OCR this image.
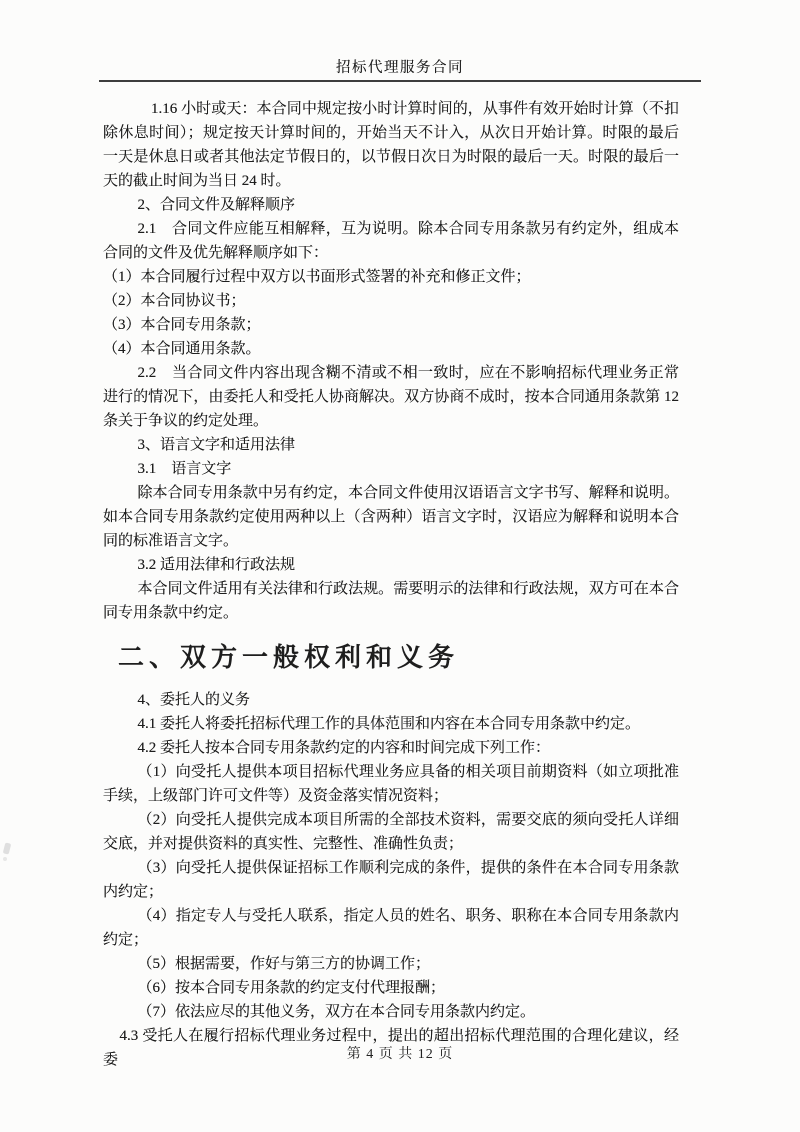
招标代理服务合同

1.16 小时或天：本合同中规定按小时计算时间的，从事件有效开始时计算（不扣除休息时间）；规定按天计算时间的，开始当天不计入，从次日开始计算。时限的最后一天是休息日或者其他法定节假日的，以节假日次日为时限的最后一天。时限的最后一天的截止时间为当日 24 时。

2、合同文件及解释顺序

2.1　合同文件应能互相解释，互为说明。除本合同专用条款另有约定外，组成本合同的文件及优先解释顺序如下：

（1）本合同履行过程中双方以书面形式签署的补充和修正文件；

（2）本合同协议书；

（3）本合同专用条款；

（4）本合同通用条款。

2.2　当合同文件内容出现含糊不清或不相一致时，应在不影响招标代理业务正常进行的情况下，由委托人和受托人协商解决。双方协商不成时，按本合同通用条款第 12 条关于争议的约定处理。

3、语言文字和适用法律

3.1　语言文字

除本合同专用条款中另有约定，本合同文件使用汉语语言文字书写、解释和说明。如本合同专用条款约定使用两种以上（含两种）语言文字时，汉语应为解释和说明本合同的标准语言文字。

3.2 适用法律和行政法规

本合同文件适用有关法律和行政法规。需要明示的法律和行政法规，双方可在本合同专用条款中约定。

二、双方一般权利和义务

4、委托人的义务

4.1 委托人将委托招标代理工作的具体范围和内容在本合同专用条款中约定。

4.2 委托人按本合同专用条款约定的内容和时间完成下列工作：

（1）向受托人提供本项目招标代理业务应具备的相关项目前期资料（如立项批准手续，上级部门许可文件等）及资金落实情况资料；

（2）向受托人提供完成本项目所需的全部技术资料，需要交底的须向受托人详细交底，并对提供资料的真实性、完整性、准确性负责；

（3）向受托人提供保证招标工作顺利完成的条件，提供的条件在本合同专用条款内约定；

（4）指定专人与受托人联系，指定人员的姓名、职务、职称在本合同专用条款内约定；

（5）根据需要，作好与第三方的协调工作；

（6）按本合同专用条款的约定支付代理报酬；

（7）依法应尽的其他义务，双方在本合同专用条款内约定。

4.3 受托人在履行招标代理业务过程中，提出的超出招标代理范围的合理化建议，经委	第 4 页 共 12 页
